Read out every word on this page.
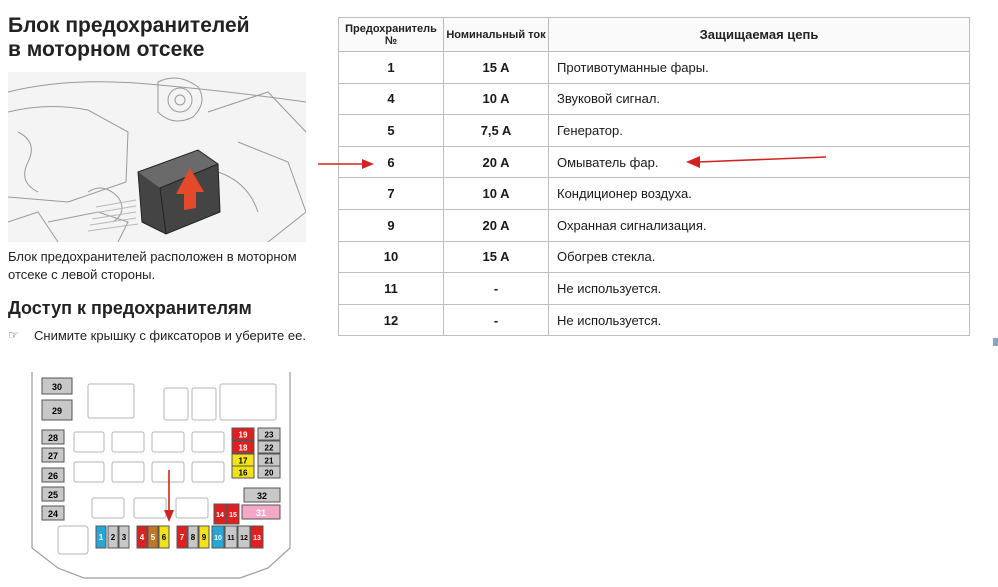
Блок предохранителей
в моторном отсеке
Блок предохранителей расположен в моторном отсеке с левой стороны.
Доступ к предохранителям
☞	Снимите крышку с фиксаторов и уберите ее.
30
29
28
27
26
25
24
19 23
18 22
17 21
16 20
32
14 15 31
1 2 3 4 5 6 7 8 9 10 11 12 13
Предохранитель №	Номинальный ток	Защищаемая цепь
1	15 A	Противотуманные фары.
4	10 A	Звуковой сигнал.
5	7,5 A	Генератор.
6	20 A	Омыватель фар.
7	10 A	Кондиционер воздуха.
9	20 A	Охранная сигнализация.
10	15 A	Обогрев стекла.
11	-	Не используется.
12	-	Не используется.
